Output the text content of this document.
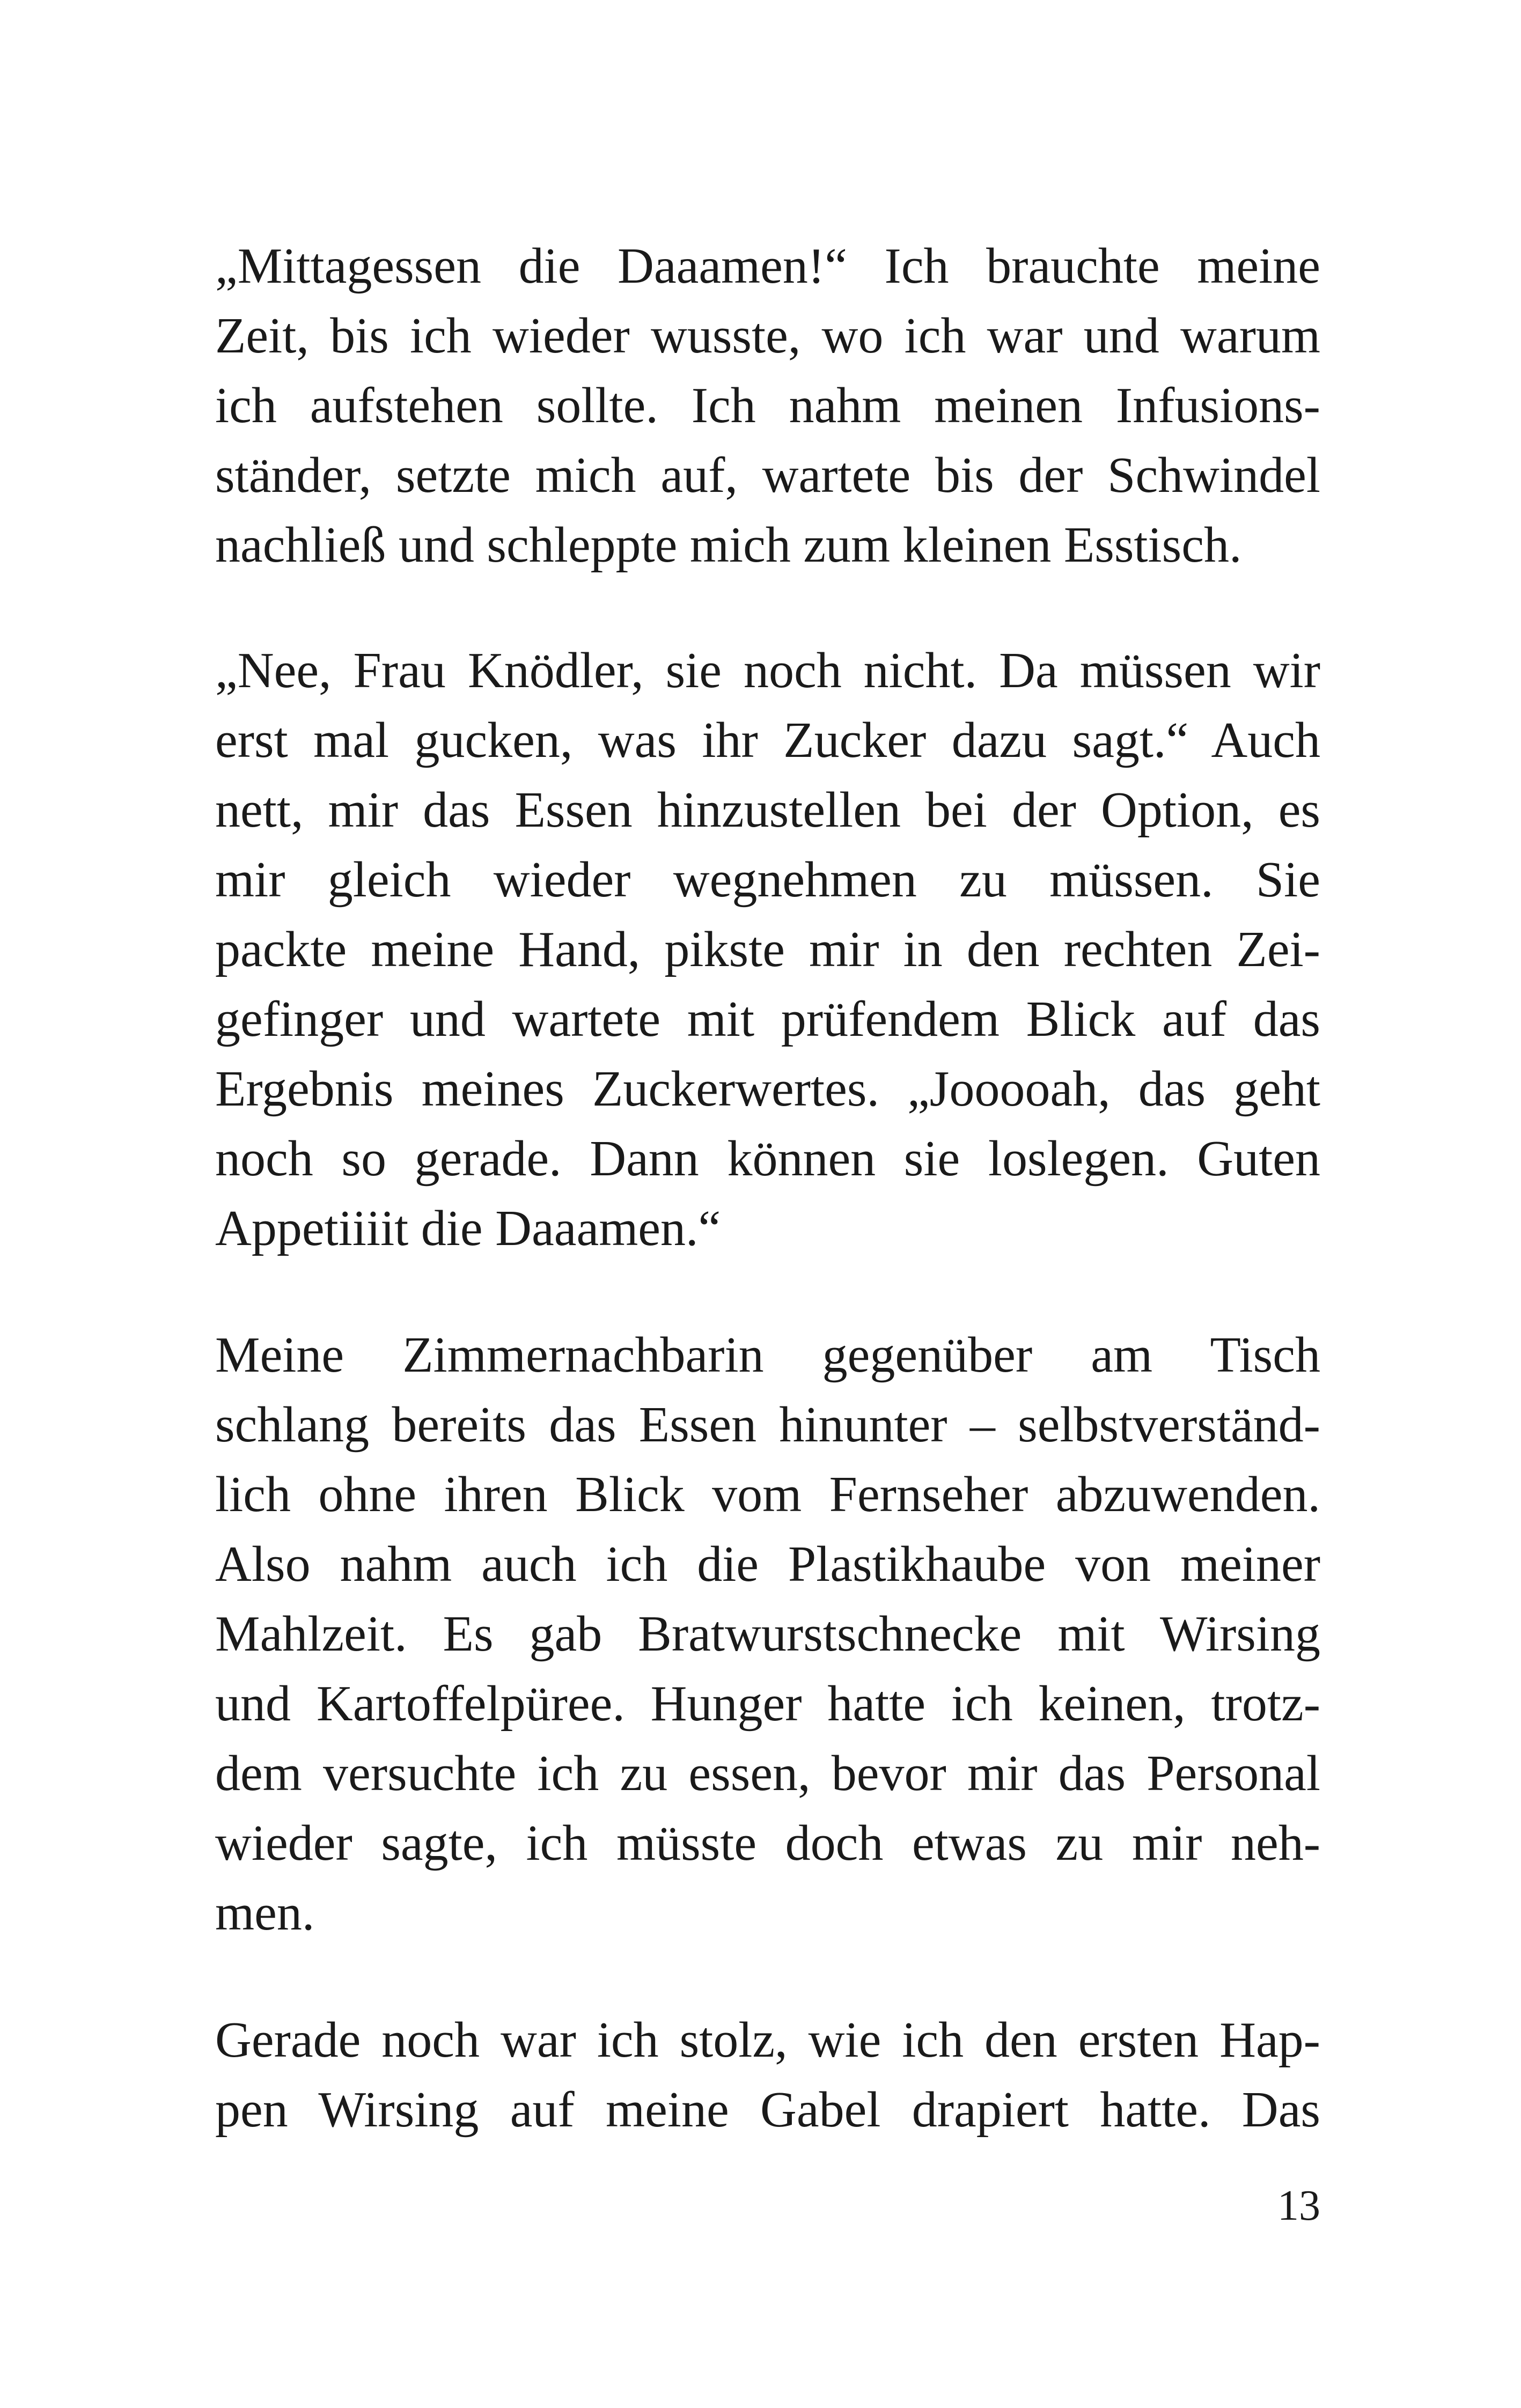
„Mittagessen die Daaamen!“ Ich brauchte meine
Zeit, bis ich wieder wusste, wo ich war und warum
ich aufstehen sollte. Ich nahm meinen Infusions-
ständer, setzte mich auf, wartete bis der Schwindel
nachließ und schleppte mich zum kleinen Esstisch.
„Nee, Frau Knödler, sie noch nicht. Da müssen wir
erst mal gucken, was ihr Zucker dazu sagt.“ Auch
nett, mir das Essen hinzustellen bei der Option, es
mir gleich wieder wegnehmen zu müssen. Sie
packte meine Hand, pikste mir in den rechten Zei-
gefinger und wartete mit prüfendem Blick auf das
Ergebnis meines Zuckerwertes. „Jooooah, das geht
noch so gerade. Dann können sie loslegen. Guten
Appetiiiit die Daaamen.“
Meine Zimmernachbarin gegenüber am Tisch
schlang bereits das Essen hinunter – selbstverständ-
lich ohne ihren Blick vom Fernseher abzuwenden.
Also nahm auch ich die Plastikhaube von meiner
Mahlzeit. Es gab Bratwurstschnecke mit Wirsing
und Kartoffelpüree. Hunger hatte ich keinen, trotz-
dem versuchte ich zu essen, bevor mir das Personal
wieder sagte, ich müsste doch etwas zu mir neh-
men.
Gerade noch war ich stolz, wie ich den ersten Hap-
pen Wirsing auf meine Gabel drapiert hatte. Das
13
